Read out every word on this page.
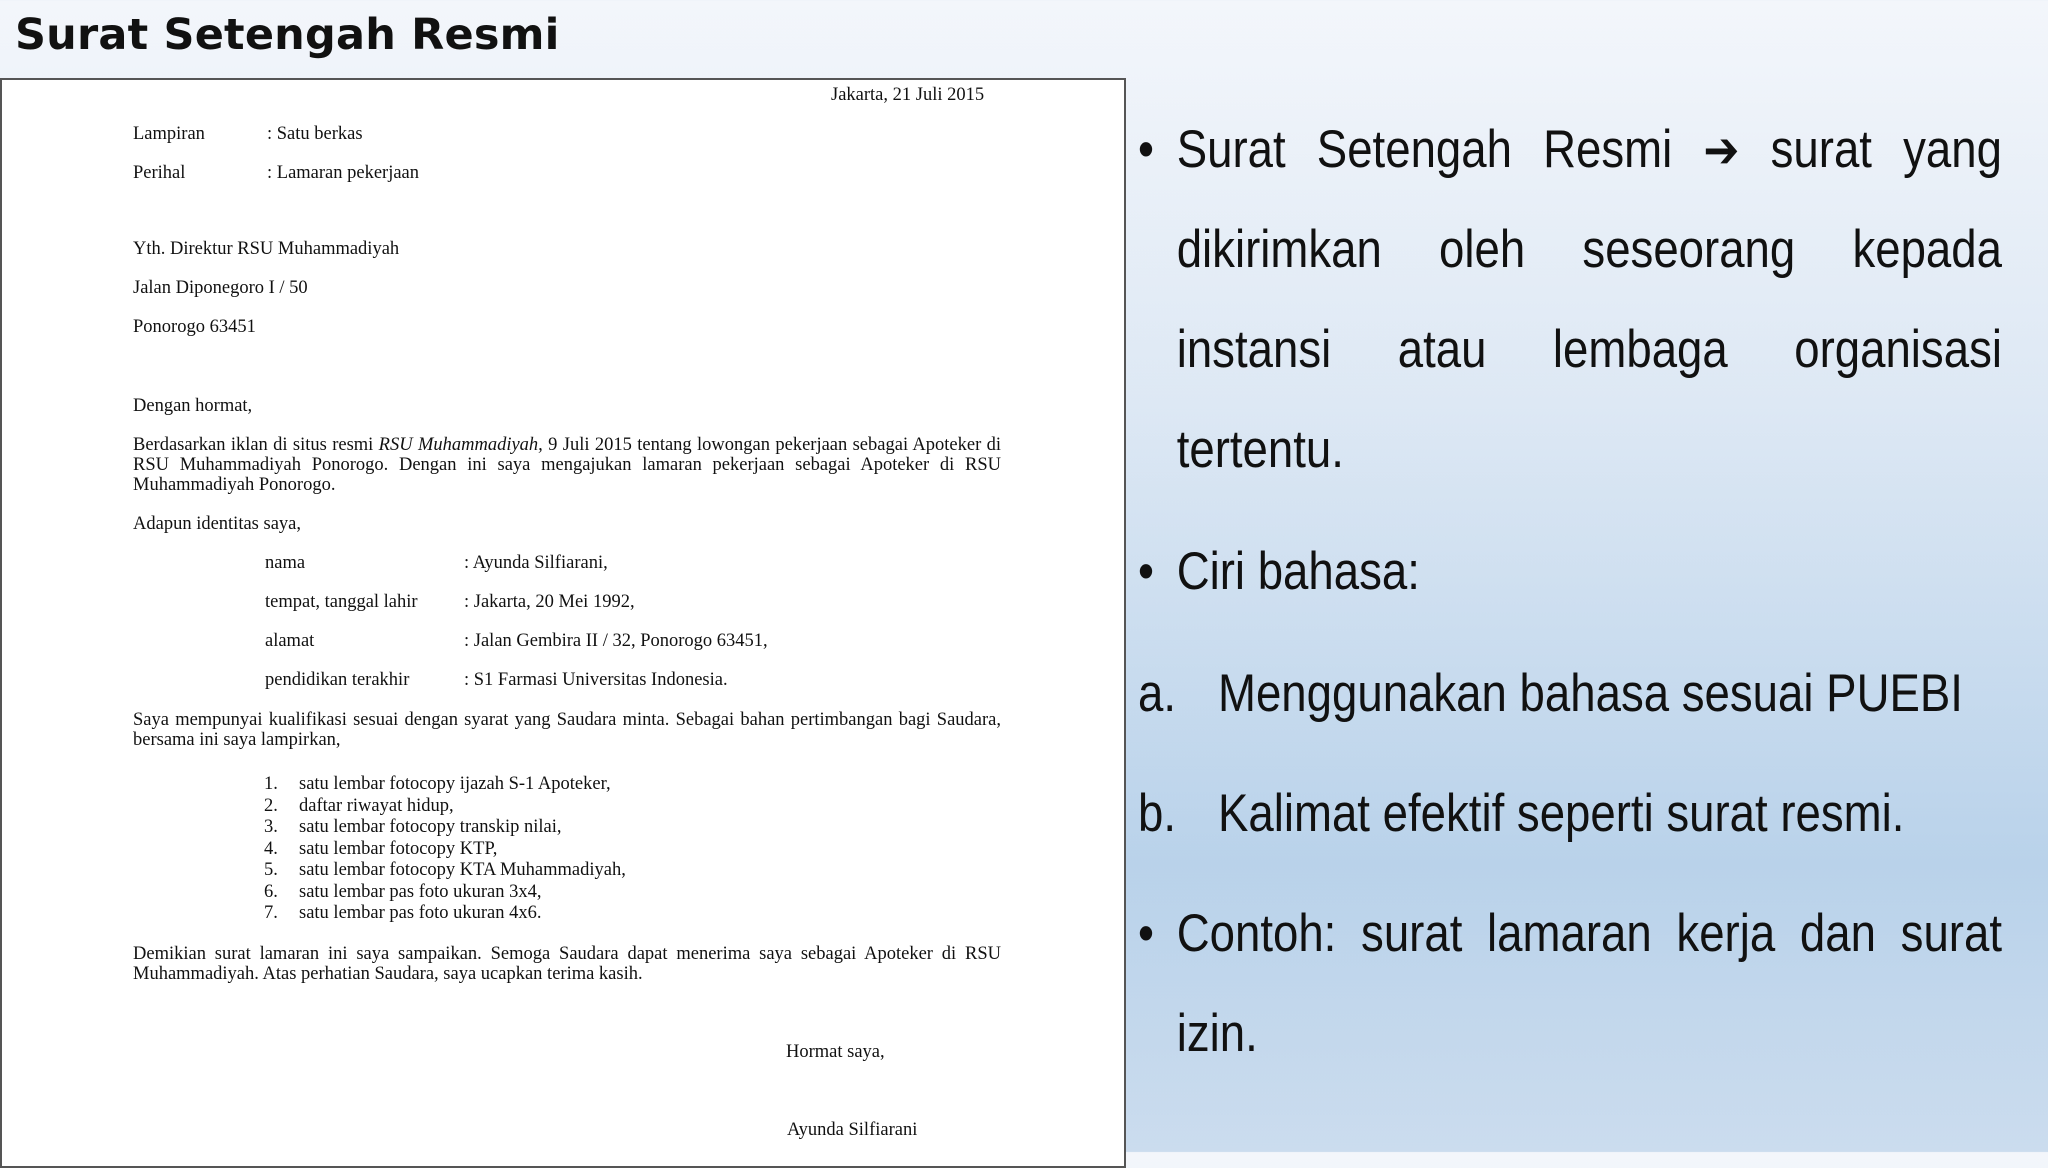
Surat Setengah Resmi
Jakarta, 21 Juli 2015
Lampiran	: Satu berkas
Perihal	: Lamaran pekerjaan
Yth. Direktur RSU Muhammadiyah
Jalan Diponegoro I / 50
Ponorogo 63451
Dengan hormat,
Berdasarkan iklan di situs resmi RSU Muhammadiyah, 9 Juli 2015 tentang lowongan pekerjaan sebagai Apoteker di RSU Muhammadiyah Ponorogo. Dengan ini saya mengajukan lamaran pekerjaan sebagai Apoteker di RSU Muhammadiyah Ponorogo.
Adapun identitas saya,
nama	: Ayunda Silfiarani,
tempat, tanggal lahir	: Jakarta, 20 Mei 1992,
alamat	: Jalan Gembira II / 32, Ponorogo 63451,
pendidikan terakhir	: S1 Farmasi Universitas Indonesia.
Saya mempunyai kualifikasi sesuai dengan syarat yang Saudara minta. Sebagai bahan pertimbangan bagi Saudara, bersama ini saya lampirkan,
1. satu lembar fotocopy ijazah S-1 Apoteker,
2. daftar riwayat hidup,
3. satu lembar fotocopy transkip nilai,
4. satu lembar fotocopy KTP,
5. satu lembar fotocopy KTA Muhammadiyah,
6. satu lembar pas foto ukuran 3x4,
7. satu lembar pas foto ukuran 4x6.
Demikian surat lamaran ini saya sampaikan. Semoga Saudara dapat menerima saya sebagai Apoteker di RSU Muhammadiyah. Atas perhatian Saudara, saya ucapkan terima kasih.
Hormat saya,
Ayunda Silfiarani
• Surat Setengah Resmi ➔ surat yang dikirimkan oleh seseorang kepada instansi atau lembaga organisasi tertentu.
• Ciri bahasa:
a. Menggunakan bahasa sesuai PUEBI
b. Kalimat efektif seperti surat resmi.
• Contoh: surat lamaran kerja dan surat izin.
